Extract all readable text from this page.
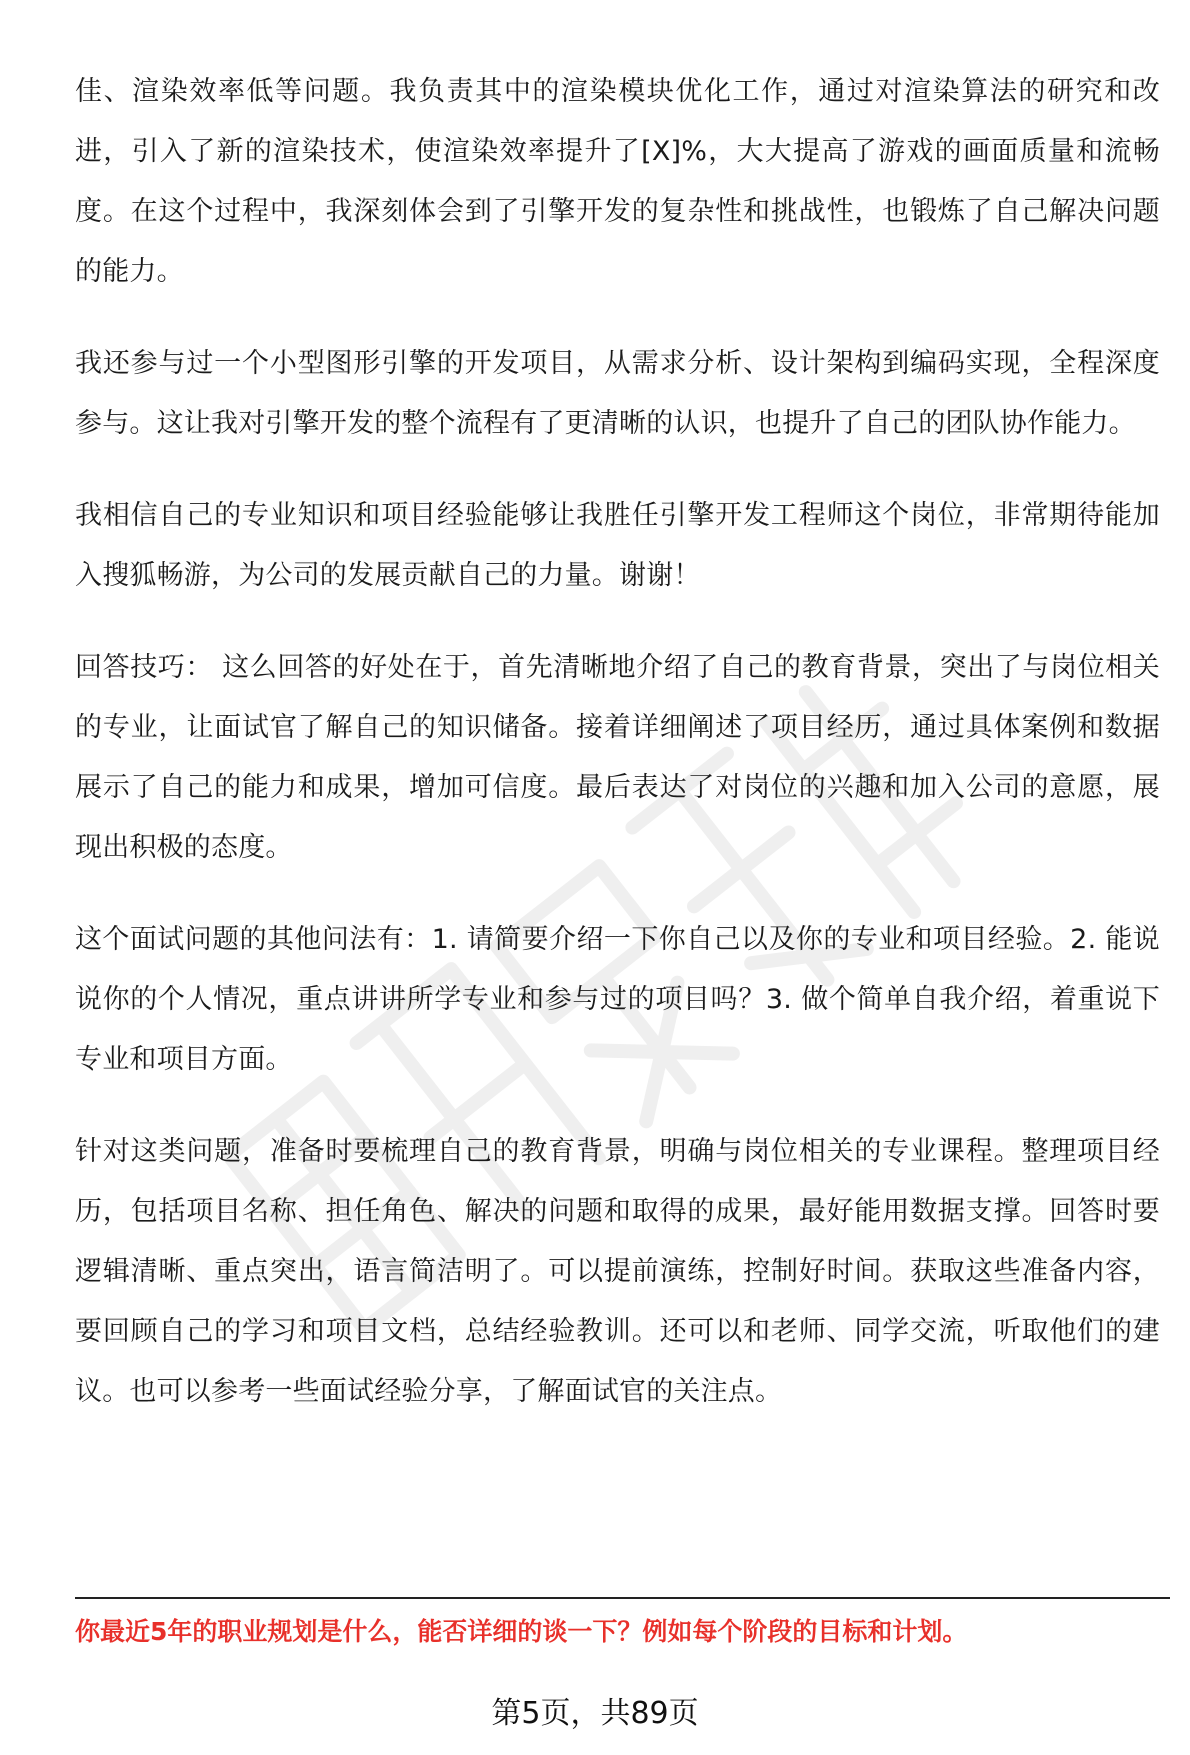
佳、渲染效率低等问题。我负责其中的渲染模块优化工作，通过对渲染算法的研究和改进，引入了新的渲染技术，使渲染效率提升了[X]%，大大提高了游戏的画面质量和流畅度。在这个过程中，我深刻体会到了引擎开发的复杂性和挑战性，也锻炼了自己解决问题的能力。

我还参与过一个小型图形引擎的开发项目，从需求分析、设计架构到编码实现，全程深度参与。这让我对引擎开发的整个流程有了更清晰的认识，也提升了自己的团队协作能力。

我相信自己的专业知识和项目经验能够让我胜任引擎开发工程师这个岗位，非常期待能加入搜狐畅游，为公司的发展贡献自己的力量。谢谢！

回答技巧： 这么回答的好处在于，首先清晰地介绍了自己的教育背景，突出了与岗位相关的专业，让面试官了解自己的知识储备。接着详细阐述了项目经历，通过具体案例和数据展示了自己的能力和成果，增加可信度。最后表达了对岗位的兴趣和加入公司的意愿，展现出积极的态度。

这个面试问题的其他问法有：1. 请简要介绍一下你自己以及你的专业和项目经验。2. 能说说你的个人情况，重点讲讲所学专业和参与过的项目吗？3. 做个简单自我介绍，着重说下专业和项目方面。

针对这类问题，准备时要梳理自己的教育背景，明确与岗位相关的专业课程。整理项目经历，包括项目名称、担任角色、解决的问题和取得的成果，最好能用数据支撑。回答时要逻辑清晰、重点突出，语言简洁明了。可以提前演练，控制好时间。获取这些准备内容，要回顾自己的学习和项目文档，总结经验教训。还可以和老师、同学交流，听取他们的建议。也可以参考一些面试经验分享，了解面试官的关注点。

你最近5年的职业规划是什么，能否详细的谈一下？例如每个阶段的目标和计划。
第5页，共89页
